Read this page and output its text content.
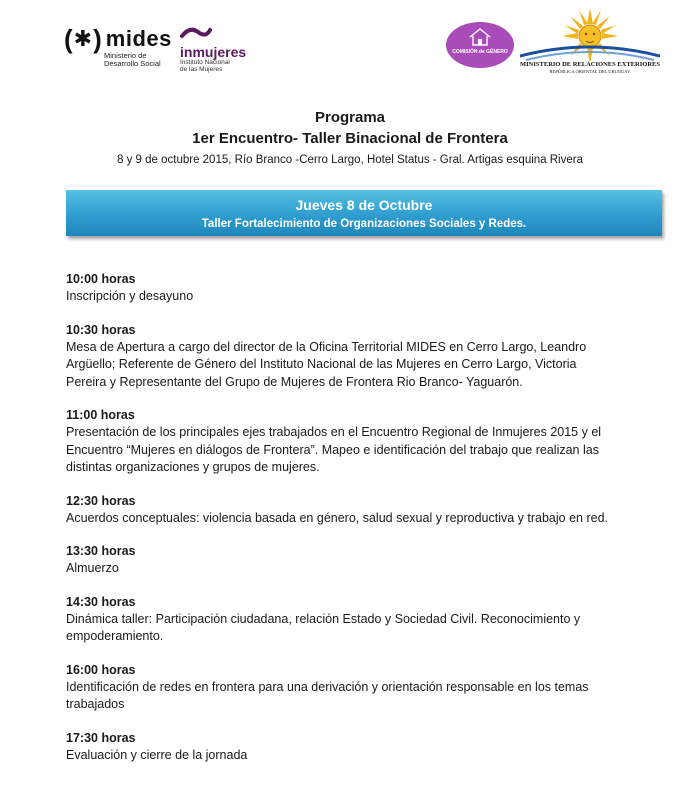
( ✱ ) mides
Ministerio de
Desarrollo Social
inmujeres
Instituto Nacional
de las Mujeres
COMISIÓN de GÉNERO
MINISTERIO DE RELACIONES EXTERIORES
REPÚBLICA ORIENTAL DEL URUGUAY
Programa
1er Encuentro- Taller Binacional de Frontera
8 y 9 de octubre 2015, Río Branco -Cerro Largo, Hotel Status - Gral. Artigas esquina Rivera
Jueves 8 de Octubre
Taller Fortalecimiento de Organizaciones Sociales y Redes.
10:00 horas
Inscripción y desayuno
10:30 horas
Mesa de Apertura a cargo del director de la Oficina Territorial MIDES en Cerro Largo, Leandro
Argüello; Referente de Género del Instituto Nacional de las Mujeres en Cerro Largo, Victoria
Pereira y Representante del Grupo de Mujeres de Frontera Rio Branco- Yaguarón.
11:00 horas
Presentación de los principales ejes trabajados en el Encuentro Regional de Inmujeres 2015 y el
Encuentro “Mujeres en diálogos de Frontera”. Mapeo e identificación del trabajo que realizan las
distintas organizaciones y grupos de mujeres.
12:30 horas
Acuerdos conceptuales: violencia basada en género, salud sexual y reproductiva y trabajo en red.
13:30 horas
Almuerzo
14:30 horas
Dinámica taller: Participación ciudadana, relación Estado y Sociedad Civil. Reconocimiento y
empoderamiento.
16:00 horas
Identificación de redes en frontera para una derivación y orientación responsable en los temas
trabajados
17:30 horas
Evaluación y cierre de la jornada
